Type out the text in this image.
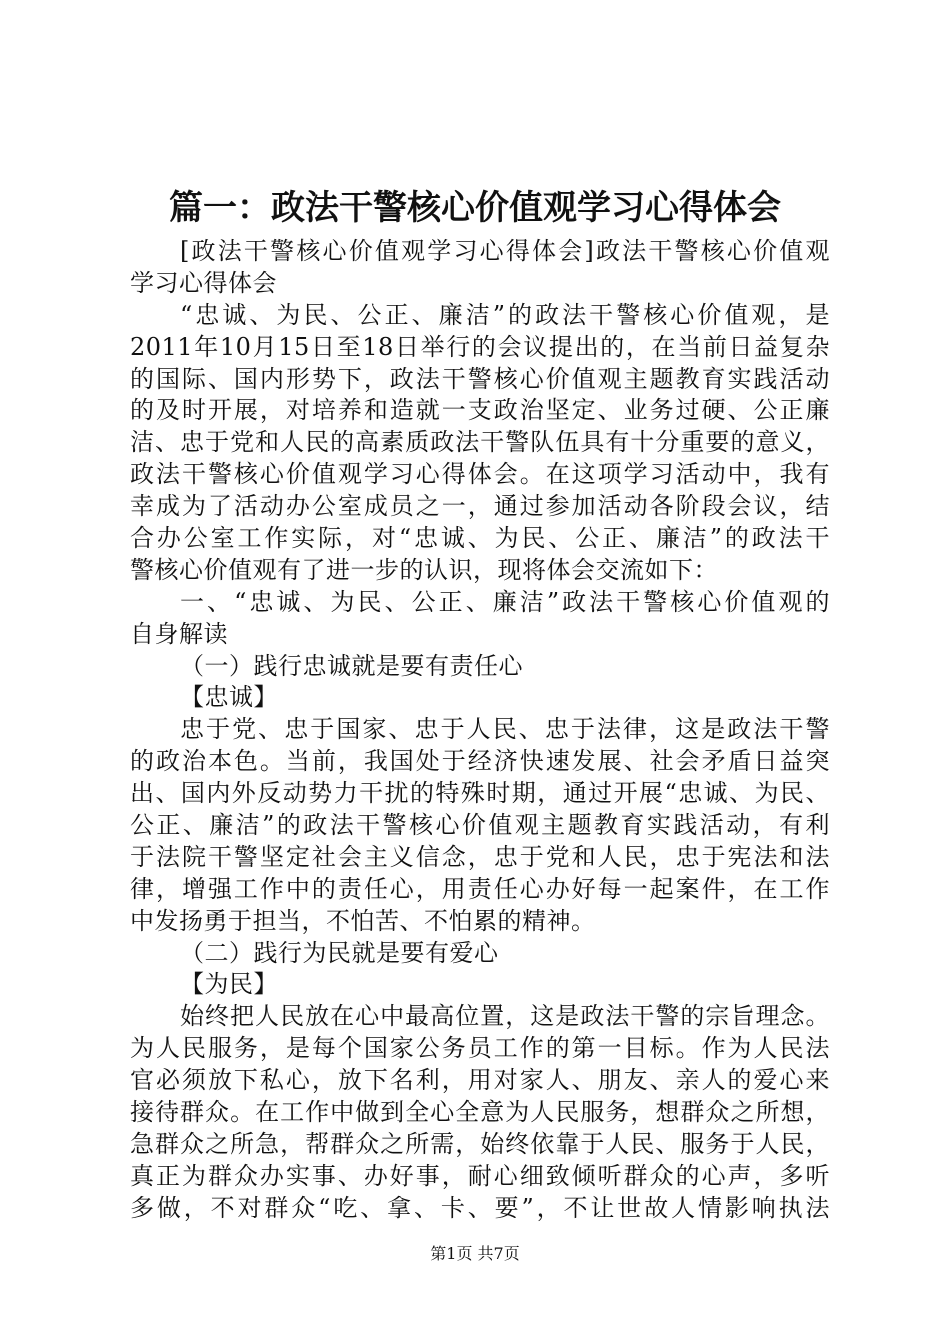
篇一：政法干警核心价值观学习心得体会
[政法干警核心价值观学习心得体会]政法干警核心价值观
学习心得体会
“忠诚、为民、公正、廉洁”的政法干警核心价值观，是
2011年10月15日至18日举行的会议提出的，在当前日益复杂
的国际、国内形势下，政法干警核心价值观主题教育实践活动
的及时开展，对培养和造就一支政治坚定、业务过硬、公正廉
洁、忠于党和人民的高素质政法干警队伍具有十分重要的意义，
政法干警核心价值观学习心得体会。在这项学习活动中，我有
幸成为了活动办公室成员之一，通过参加活动各阶段会议，结
合办公室工作实际，对“忠诚、为民、公正、廉洁”的政法干
警核心价值观有了进一步的认识，现将体会交流如下：
一、“忠诚、为民、公正、廉洁”政法干警核心价值观的
自身解读
（一）践行忠诚就是要有责任心
【忠诚】
忠于党、忠于国家、忠于人民、忠于法律，这是政法干警
的政治本色。当前，我国处于经济快速发展、社会矛盾日益突
出、国内外反动势力干扰的特殊时期，通过开展“忠诚、为民、
公正、廉洁”的政法干警核心价值观主题教育实践活动，有利
于法院干警坚定社会主义信念，忠于党和人民，忠于宪法和法
律，增强工作中的责任心，用责任心办好每一起案件，在工作
中发扬勇于担当，不怕苦、不怕累的精神。
（二）践行为民就是要有爱心
【为民】
始终把人民放在心中最高位置，这是政法干警的宗旨理念。
为人民服务，是每个国家公务员工作的第一目标。作为人民法
官必须放下私心，放下名利，用对家人、朋友、亲人的爱心来
接待群众。在工作中做到全心全意为人民服务，想群众之所想，
急群众之所急，帮群众之所需，始终依靠于人民、服务于人民，
真正为群众办实事、办好事，耐心细致倾听群众的心声，多听
多做，不对群众“吃、拿、卡、要”，不让世故人情影响执法
第1页 共7页
